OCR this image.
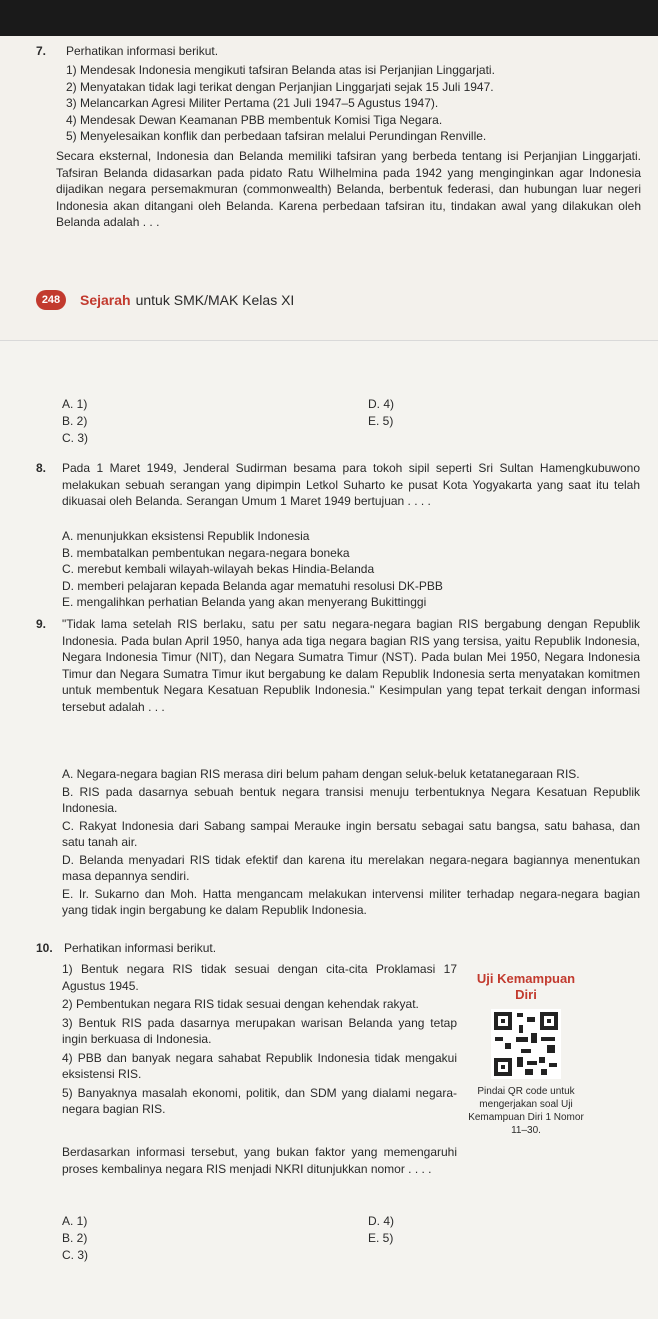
7. Perhatikan informasi berikut.
1) Mendesak Indonesia mengikuti tafsiran Belanda atas isi Perjanjian Linggarjati.
2) Menyatakan tidak lagi terikat dengan Perjanjian Linggarjati sejak 15 Juli 1947.
3) Melancarkan Agresi Militer Pertama (21 Juli 1947–5 Agustus 1947).
4) Mendesak Dewan Keamanan PBB membentuk Komisi Tiga Negara.
5) Menyelesaikan konflik dan perbedaan tafsiran melalui Perundingan Renville.
Secara eksternal, Indonesia dan Belanda memiliki tafsiran yang berbeda tentang isi Perjanjian Linggarjati. Tafsiran Belanda didasarkan pada pidato Ratu Wilhelmina pada 1942 yang menginginkan agar Indonesia dijadikan negara persemakmuran (commonwealth) Belanda, berbentuk federasi, dan hubungan luar negeri Indonesia akan ditangani oleh Belanda. Karena perbedaan tafsiran itu, tindakan awal yang dilakukan oleh Belanda adalah . . .
248	Sejarah untuk SMK/MAK Kelas XI
A. 1)
B. 2)
C. 3)
D. 4)
E. 5)
8. Pada 1 Maret 1949, Jenderal Sudirman besama para tokoh sipil seperti Sri Sultan Hamengkubuwono melakukan sebuah serangan yang dipimpin Letkol Suharto ke pusat Kota Yogyakarta yang saat itu telah dikuasai oleh Belanda. Serangan Umum 1 Maret 1949 bertujuan . . . .
A. menunjukkan eksistensi Republik Indonesia
B. membatalkan pembentukan negara-negara boneka
C. merebut kembali wilayah-wilayah bekas Hindia-Belanda
D. memberi pelajaran kepada Belanda agar mematuhi resolusi DK-PBB
E. mengalihkan perhatian Belanda yang akan menyerang Bukittinggi
9. "Tidak lama setelah RIS berlaku, satu per satu negara-negara bagian RIS bergabung dengan Republik Indonesia. Pada bulan April 1950, hanya ada tiga negara bagian RIS yang tersisa, yaitu Republik Indonesia, Negara Indonesia Timur (NIT), dan Negara Sumatra Timur (NST). Pada bulan Mei 1950, Negara Indonesia Timur dan Negara Sumatra Timur ikut bergabung ke dalam Republik Indonesia serta menyatakan komitmen untuk membentuk Negara Kesatuan Republik Indonesia." Kesimpulan yang tepat terkait dengan informasi tersebut adalah . . .
A. Negara-negara bagian RIS merasa diri belum paham dengan seluk-beluk ketatanegaraan RIS.
B. RIS pada dasarnya sebuah bentuk negara transisi menuju terbentuknya Negara Kesatuan Republik Indonesia.
C. Rakyat Indonesia dari Sabang sampai Merauke ingin bersatu sebagai satu bangsa, satu bahasa, dan satu tanah air.
D. Belanda menyadari RIS tidak efektif dan karena itu merelakan negara-negara bagiannya menentukan masa depannya sendiri.
E. Ir. Sukarno dan Moh. Hatta mengancam melakukan intervensi militer terhadap negara-negara bagian yang tidak ingin bergabung ke dalam Republik Indonesia.
10. Perhatikan informasi berikut.
1) Bentuk negara RIS tidak sesuai dengan cita-cita Proklamasi 17 Agustus 1945.
2) Pembentukan negara RIS tidak sesuai dengan kehendak rakyat.
3) Bentuk RIS pada dasarnya merupakan warisan Belanda yang tetap ingin berkuasa di Indonesia.
4) PBB dan banyak negara sahabat Republik Indonesia tidak mengakui eksistensi RIS.
5) Banyaknya masalah ekonomi, politik, dan SDM yang dialami negara-negara bagian RIS.
Berdasarkan informasi tersebut, yang bukan faktor yang memengaruhi proses kembalinya negara RIS menjadi NKRI ditunjukkan nomor . . . .
A. 1)
B. 2)
C. 3)
D. 4)
E. 5)
Uji Kemampuan
Diri
Pindai QR code untuk mengerjakan soal Uji Kemampuan Diri 1 Nomor 11–30.
